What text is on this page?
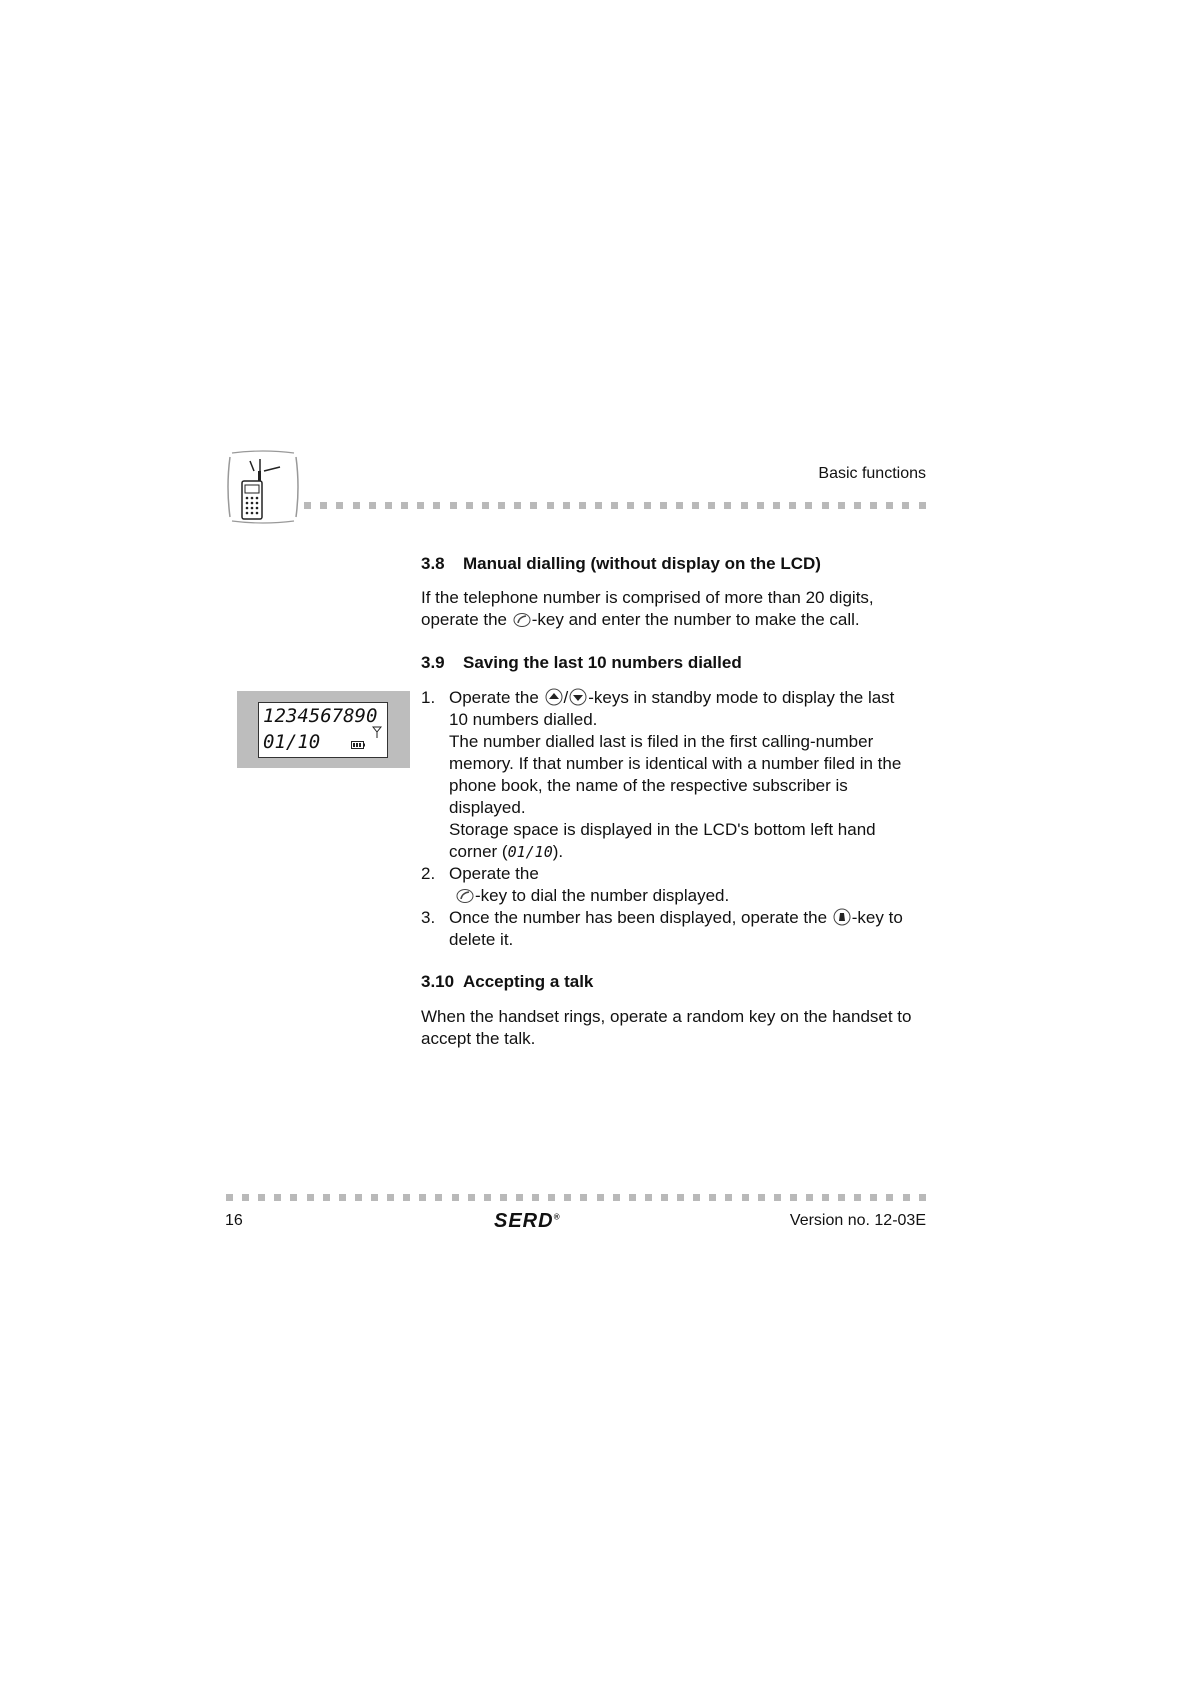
Basic functions
3.8 Manual dialling (without display on the LCD)
If the telephone number is comprised of more than 20 digits,
operate the -key and enter the number to make the call.
3.9 Saving the last 10 numbers dialled
1234567890
01/10
1. Operate the / -keys in standby mode to display the last
10 numbers dialled.
The number dialled last is filed in the first calling-number
memory. If that number is identical with a number filed in the
phone book, the name of the respective subscriber is
displayed.
Storage space is displayed in the LCD's bottom left hand
corner (01/10).
2. Operate the
-key to dial the number displayed.
3. Once the number has been displayed, operate the -key to
delete it.
3.10 Accepting a talk
When the handset rings, operate a random key on the handset to
accept the talk.
16	SERD®	Version no. 12-03E
